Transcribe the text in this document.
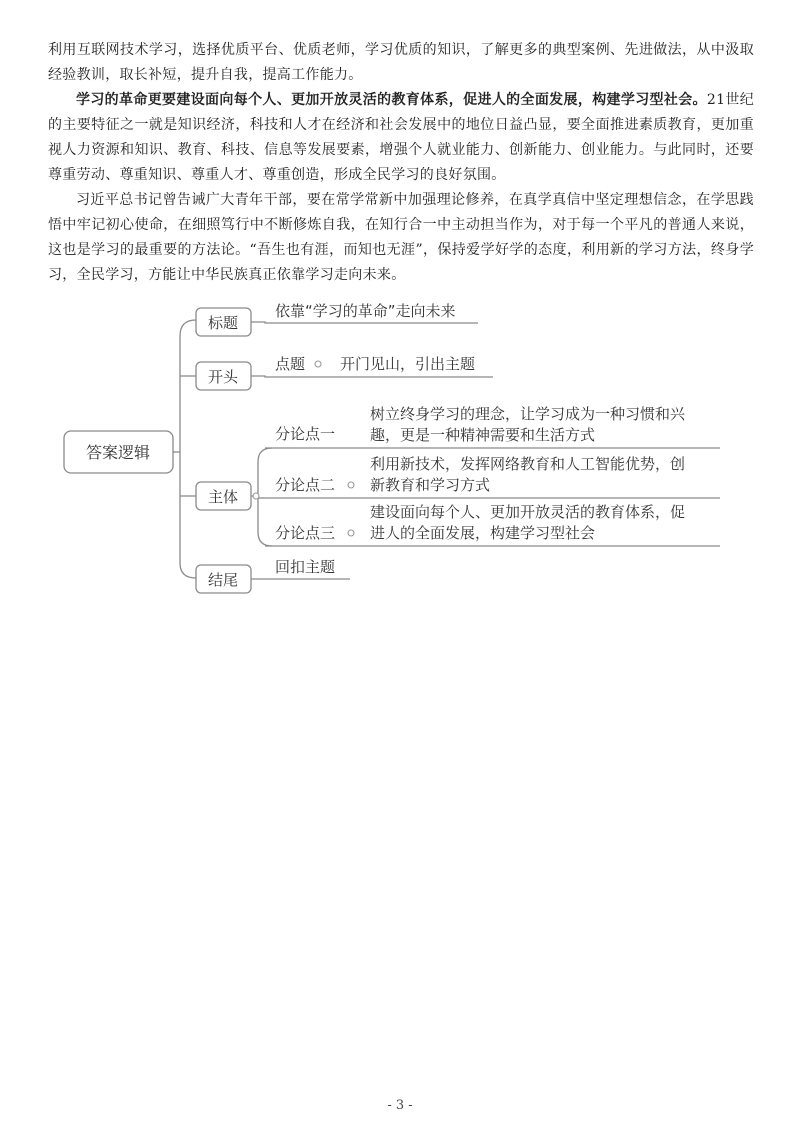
利用互联网技术学习，选择优质平台、优质老师，学习优质的知识，了解更多的典型案例、先进做法，从中汲取经验教训，取长补短，提升自我，提高工作能力。

学习的革命更要建设面向每个人、更加开放灵活的教育体系，促进人的全面发展，构建学习型社会。21世纪的主要特征之一就是知识经济，科技和人才在经济和社会发展中的地位日益凸显，要全面推进素质教育，更加重视人力资源和知识、教育、科技、信息等发展要素，增强个人就业能力、创新能力、创业能力。与此同时，还要尊重劳动、尊重知识、尊重人才、尊重创造，形成全民学习的良好氛围。

习近平总书记曾告诫广大青年干部，要在常学常新中加强理论修养，在真学真信中坚定理想信念，在学思践悟中牢记初心使命，在细照笃行中不断修炼自我，在知行合一中主动担当作为，对于每一个平凡的普通人来说，这也是学习的最重要的方法论。“吾生也有涯，而知也无涯”，保持爱学好学的态度，利用新的学习方法，终身学习，全民学习，方能让中华民族真正依靠学习走向未来。

答案逻辑
标题
开头
主体
结尾
依靠“学习的革命”走向未来
点题 开门见山，引出主题
分论点一
树立终身学习的理念，让学习成为一种习惯和兴
趣，更是一种精神需要和生活方式
分论点二
利用新技术，发挥网络教育和人工智能优势，创
新教育和学习方式
分论点三
建设面向每个人、更加开放灵活的教育体系，促
进人的全面发展，构建学习型社会
回扣主题
- 3 -
